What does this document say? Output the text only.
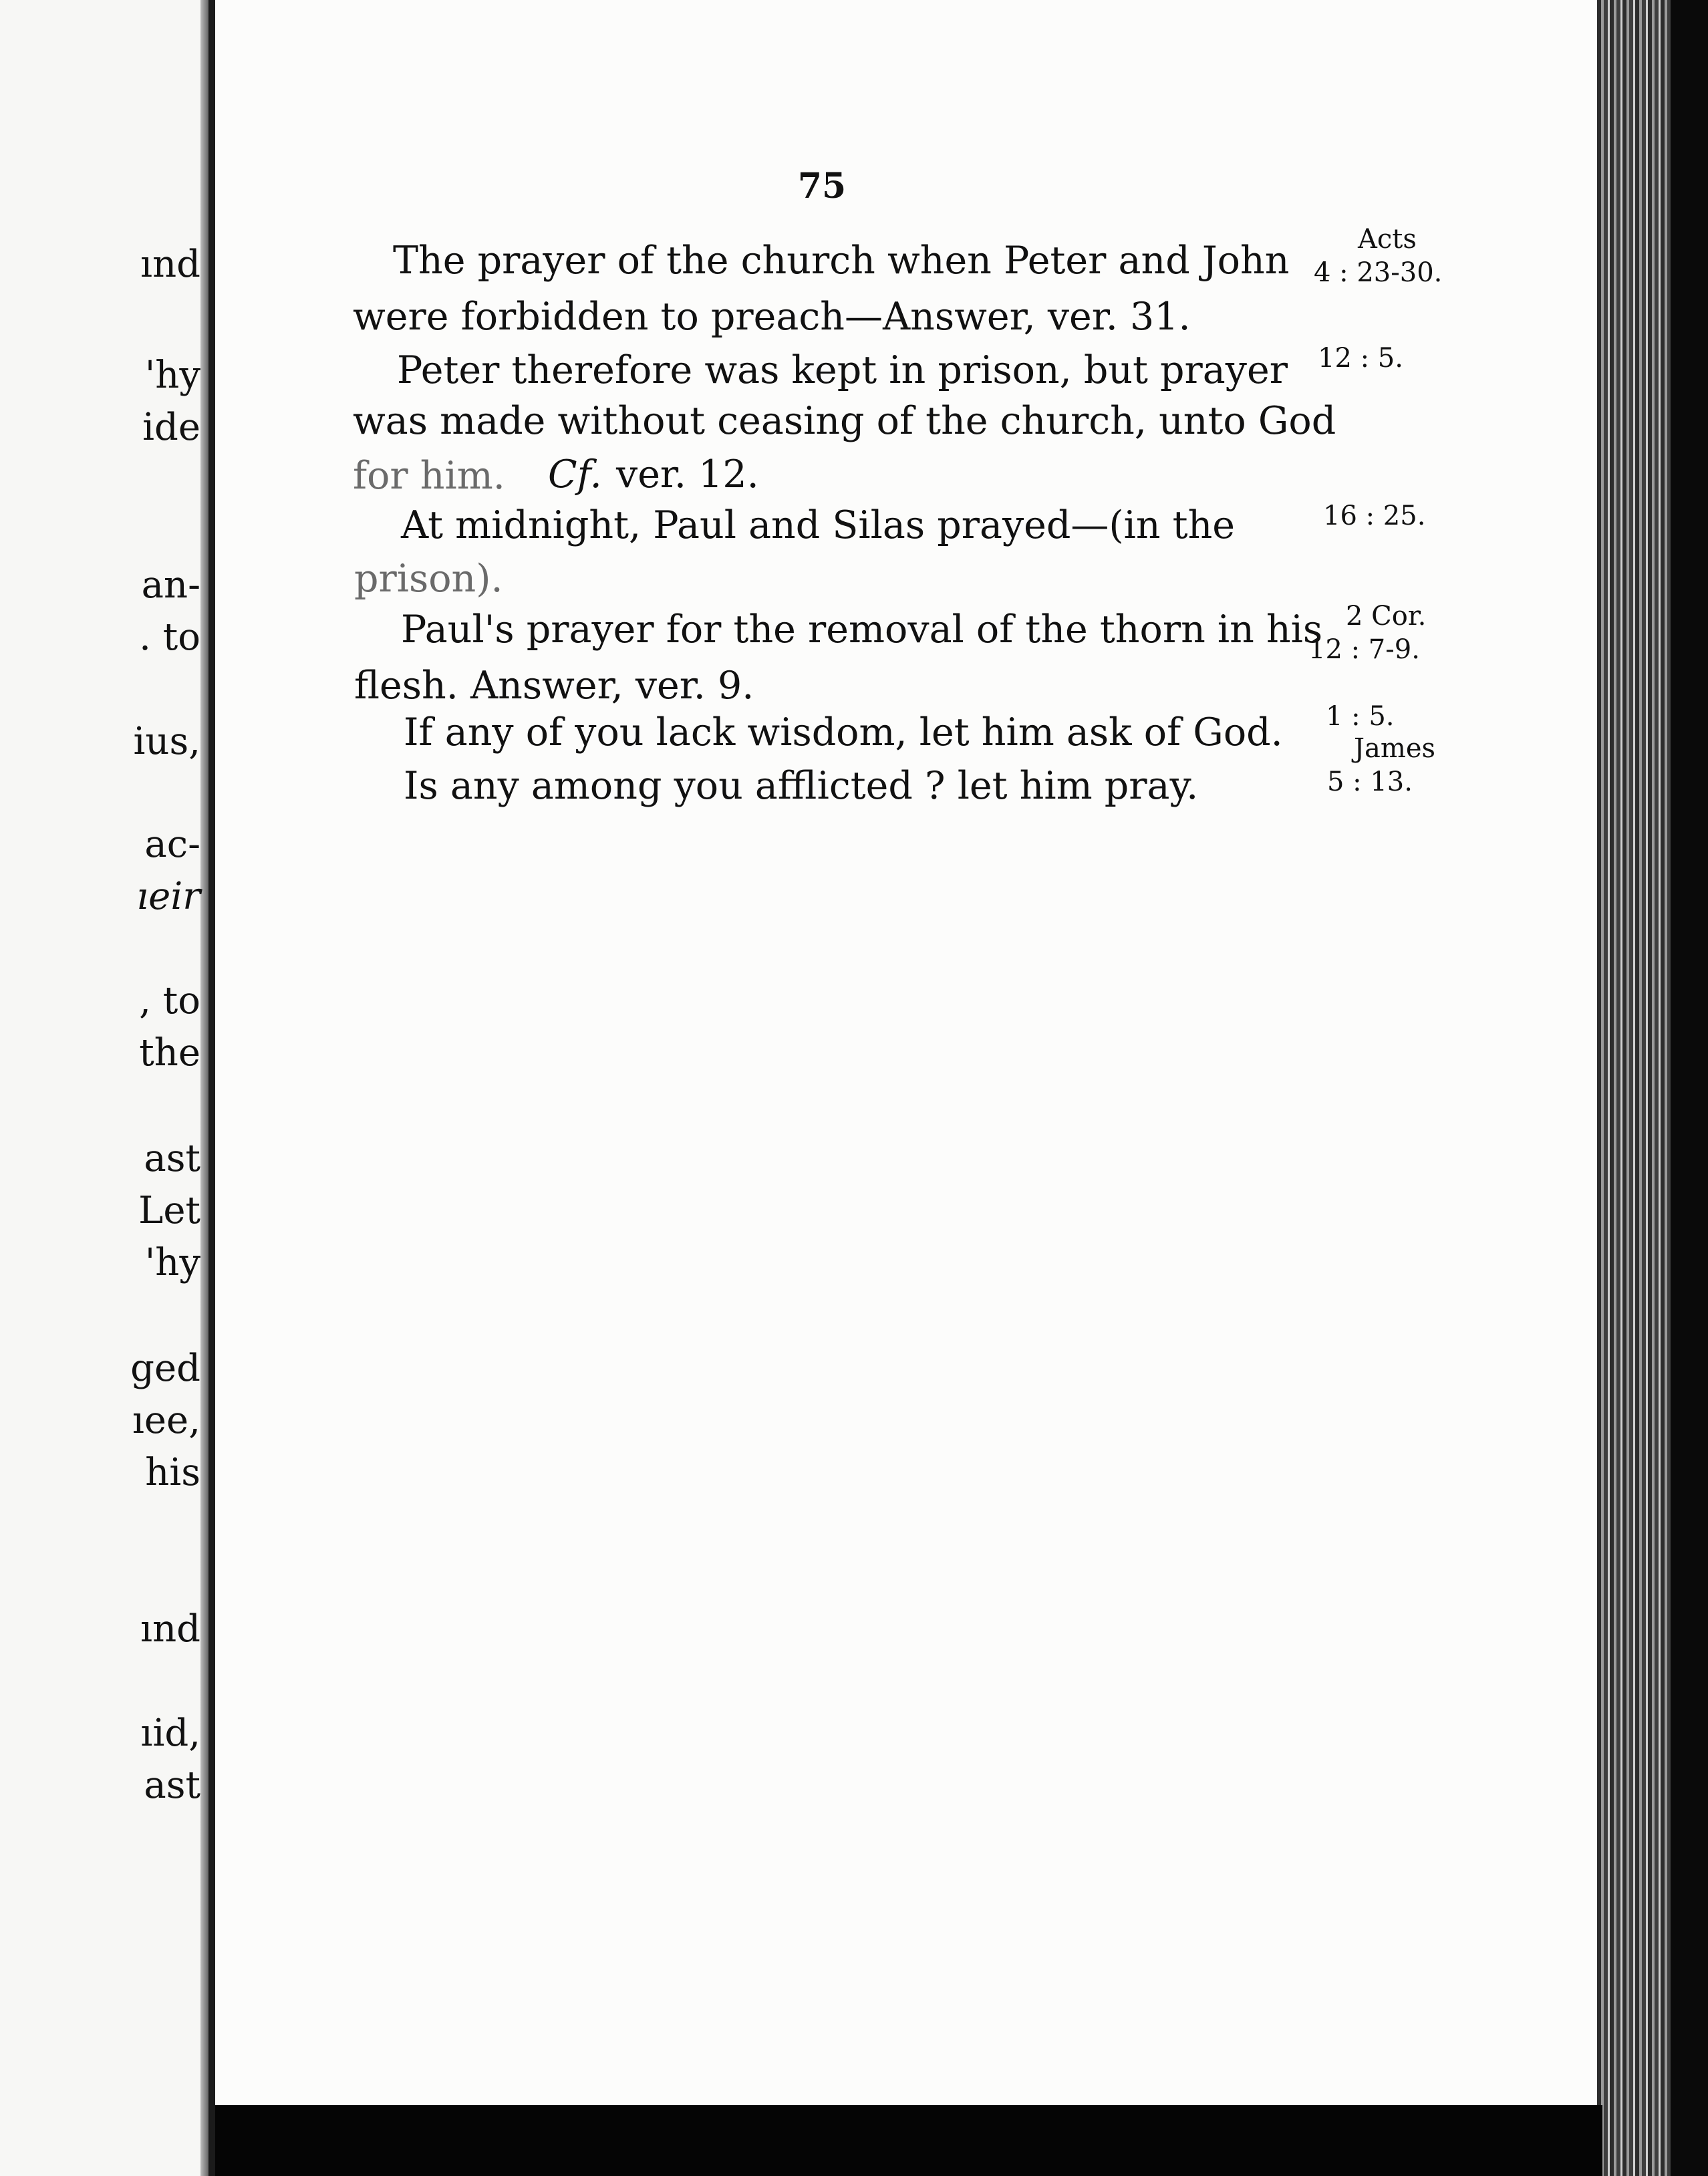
ınd
'hy
ide
an-
. to
ius,
ac-
ıeir
, to
the
ast
Let
'hy
ged
ıee,
his
ınd
ıid,
ast
75
The prayer of the church when Peter and John
were forbidden to preach—Answer, ver. 31.
Acts
4 : 23-30.
Peter therefore was kept in prison, but prayer
was made without ceasing of the church, unto God
for him. Cf. ver. 12.
12 : 5.
At midnight, Paul and Silas prayed—(in the
prison).
16 : 25.
Paul's prayer for the removal of the thorn in his
flesh. Answer, ver. 9.
2 Cor.
12 : 7-9.
If any of you lack wisdom, let him ask of God. 1 : 5.
James
Is any among you afflicted ? let him pray.	5 : 13.
